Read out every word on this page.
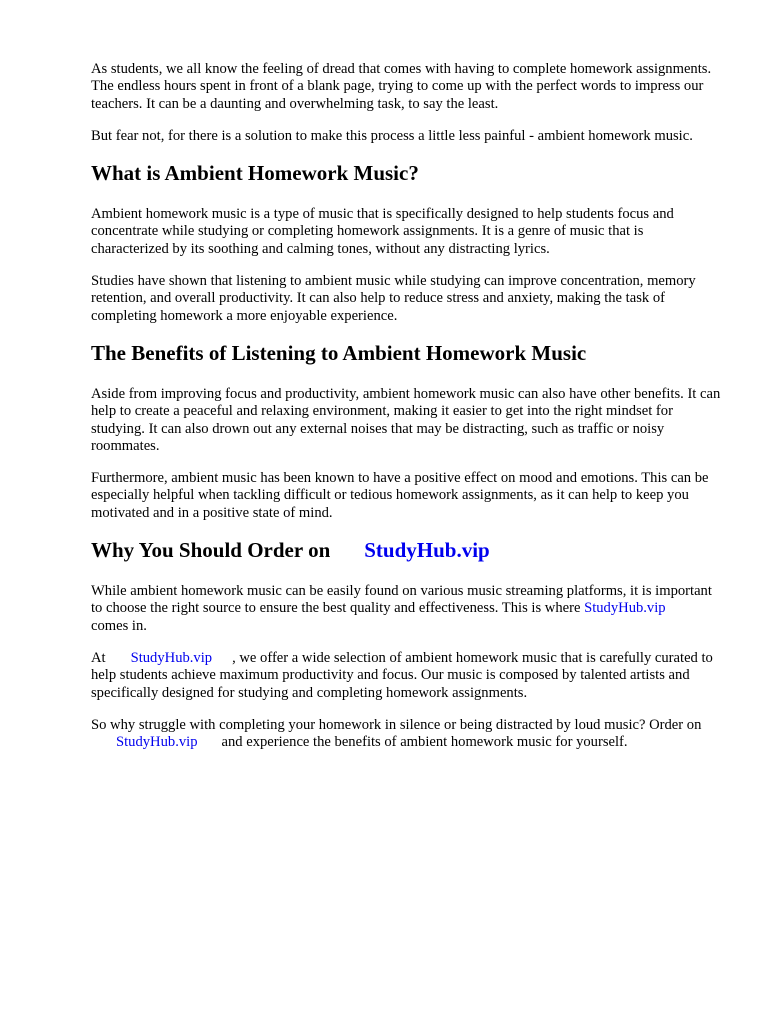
As students, we all know the feeling of dread that comes with having to complete homework assignments. The endless hours spent in front of a blank page, trying to come up with the perfect words to impress our teachers. It can be a daunting and overwhelming task, to say the least.

But fear not, for there is a solution to make this process a little less painful - ambient homework music.

What is Ambient Homework Music?

Ambient homework music is a type of music that is specifically designed to help students focus and concentrate while studying or completing homework assignments. It is a genre of music that is characterized by its soothing and calming tones, without any distracting lyrics.

Studies have shown that listening to ambient music while studying can improve concentration, memory retention, and overall productivity. It can also help to reduce stress and anxiety, making the task of completing homework a more enjoyable experience.

The Benefits of Listening to Ambient Homework Music

Aside from improving focus and productivity, ambient homework music can also have other benefits. It can help to create a peaceful and relaxing environment, making it easier to get into the right mindset for studying. It can also drown out any external noises that may be distracting, such as traffic or noisy roommates.

Furthermore, ambient music has been known to have a positive effect on mood and emotions. This can be especially helpful when tackling difficult or tedious homework assignments, as it can help to keep you motivated and in a positive state of mind.

Why You Should Order on StudyHub.vip

While ambient homework music can be easily found on various music streaming platforms, it is important to choose the right source to ensure the best quality and effectiveness. This is where StudyHub.vipcomes in.

At StudyHub.vip , we offer a wide selection of ambient homework music that is carefully curated to help students achieve maximum productivity and focus. Our music is composed by talented artists and specifically designed for studying and completing homework assignments.

So why struggle with completing your homework in silence or being distracted by loud music? Order onStudyHub.vip and experience the benefits of ambient homework music for yourself.
